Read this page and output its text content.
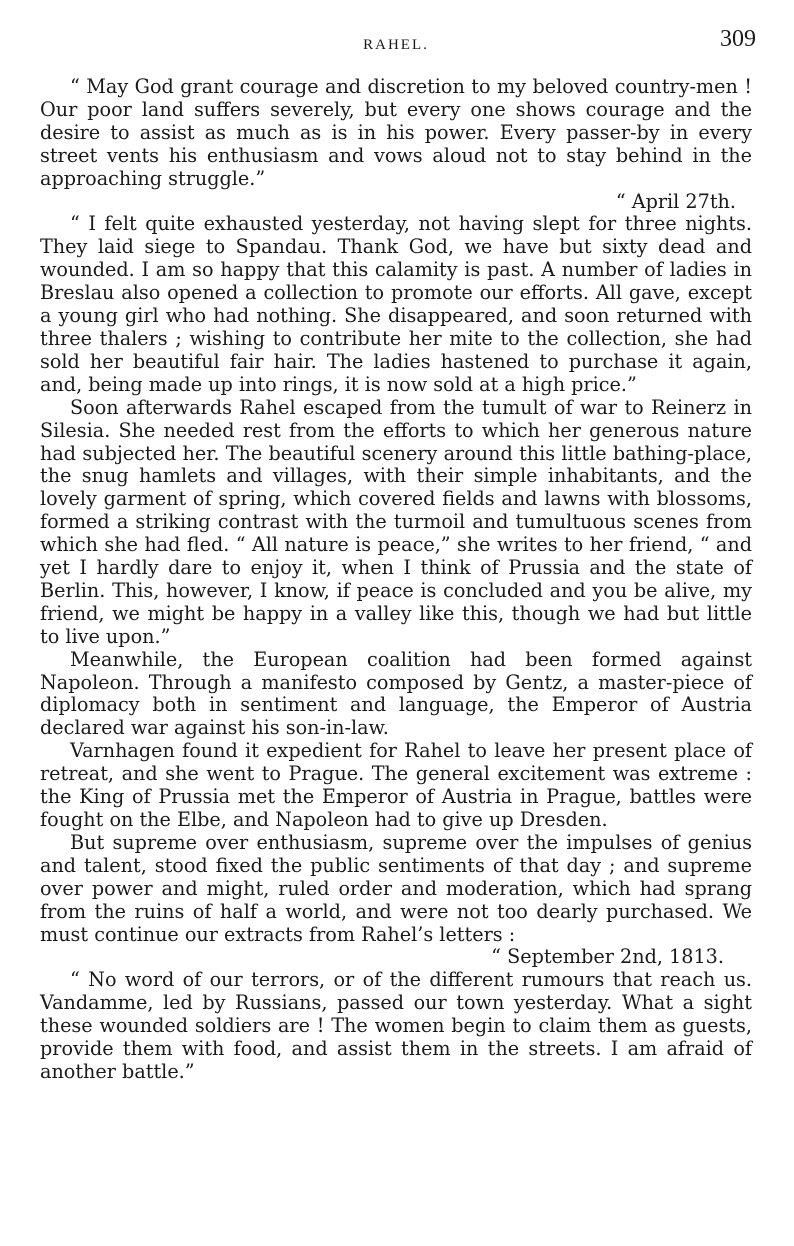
RAHEL.	309

“ May God grant courage and discretion to my beloved country-men ! Our poor land suffers severely, but every one shows courage and the desire to assist as much as is in his power. Every passer-by in every street vents his enthusiasm and vows aloud not to stay behind in the approaching struggle.”

“ April 27th.

“ I felt quite exhausted yesterday, not having slept for three nights. They laid siege to Spandau. Thank God, we have but sixty dead and wounded. I am so happy that this calamity is past. A number of ladies in Breslau also opened a collection to promote our efforts. All gave, except a young girl who had nothing. She disappeared, and soon returned with three thalers ; wishing to contribute her mite to the collection, she had sold her beautiful fair hair. The ladies hastened to purchase it again, and, being made up into rings, it is now sold at a high price.”

Soon afterwards Rahel escaped from the tumult of war to Reinerz in Silesia. She needed rest from the efforts to which her generous nature had subjected her. The beautiful scenery around this little bathing-place, the snug hamlets and villages, with their simple inhabitants, and the lovely garment of spring, which covered fields and lawns with blossoms, formed a striking contrast with the turmoil and tumultuous scenes from which she had fled. “ All nature is peace,” she writes to her friend, “ and yet I hardly dare to enjoy it, when I think of Prussia and the state of Berlin. This, however, I know, if peace is concluded and you be alive, my friend, we might be happy in a valley like this, though we had but little to live upon.”

Meanwhile, the European coalition had been formed against Napoleon. Through a manifesto composed by Gentz, a master-piece of diplomacy both in sentiment and language, the Emperor of Austria declared war against his son-in-law.

Varnhagen found it expedient for Rahel to leave her present place of retreat, and she went to Prague. The general excitement was extreme : the King of Prussia met the Emperor of Austria in Prague, battles were fought on the Elbe, and Napoleon had to give up Dresden.

But supreme over enthusiasm, supreme over the impulses of genius and talent, stood fixed the public sentiments of that day ; and supreme over power and might, ruled order and moderation, which had sprang from the ruins of half a world, and were not too dearly purchased. We must continue our extracts from Rahel’s letters :

“ September 2nd, 1813.

“ No word of our terrors, or of the different rumours that reach us. Vandamme, led by Russians, passed our town yesterday. What a sight these wounded soldiers are ! The women begin to claim them as guests, provide them with food, and assist them in the streets. I am afraid of another battle.”
